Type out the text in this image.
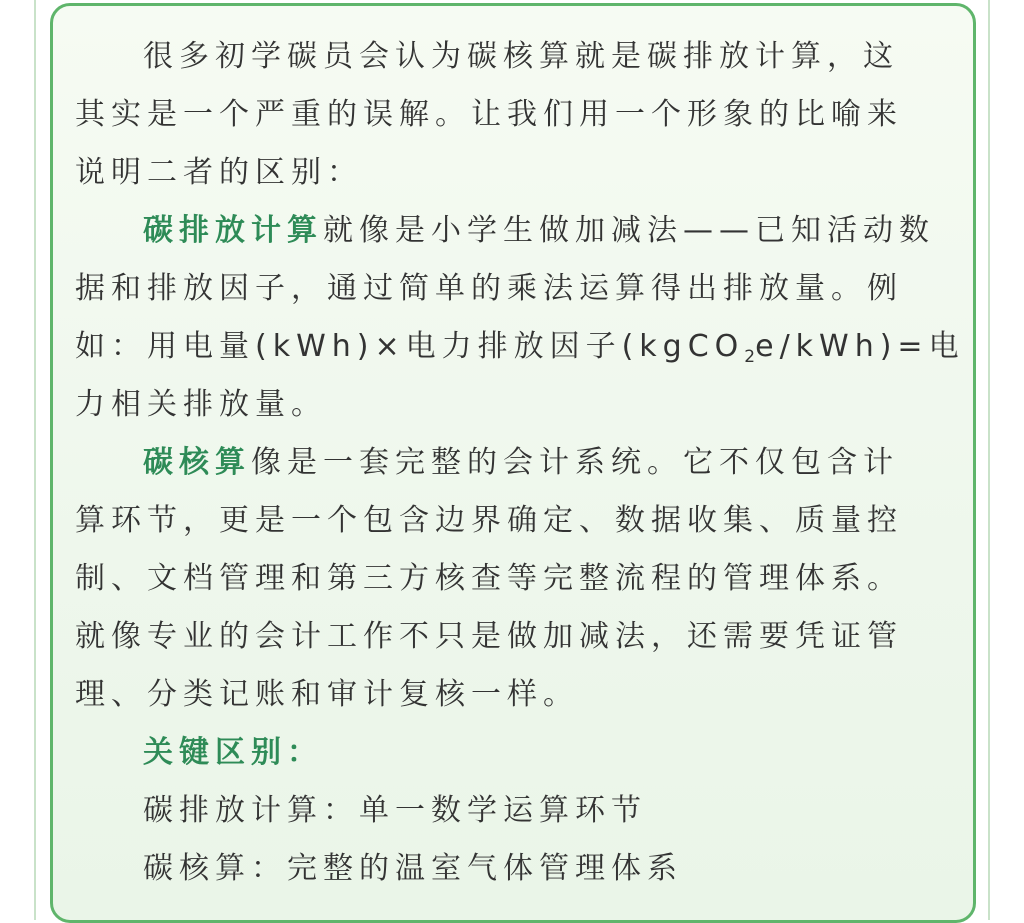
很多初学碳员会认为碳核算就是碳排放计算，这
其实是一个严重的误解。让我们用一个形象的比喻来
说明二者的区别：
碳排放计算就像是小学生做加减法——已知活动数
据和排放因子，通过简单的乘法运算得出排放量。例
如：用电量(kWh)×电力排放因子(kgCO$_2$e/kWh)=电
力相关排放量。
碳核算像是一套完整的会计系统。它不仅包含计
算环节，更是一个包含边界确定、数据收集、质量控
制、文档管理和第三方核查等完整流程的管理体系。
就像专业的会计工作不只是做加减法，还需要凭证管
理、分类记账和审计复核一样。
关键区别：
碳排放计算：单一数学运算环节
碳核算：完整的温室气体管理体系
